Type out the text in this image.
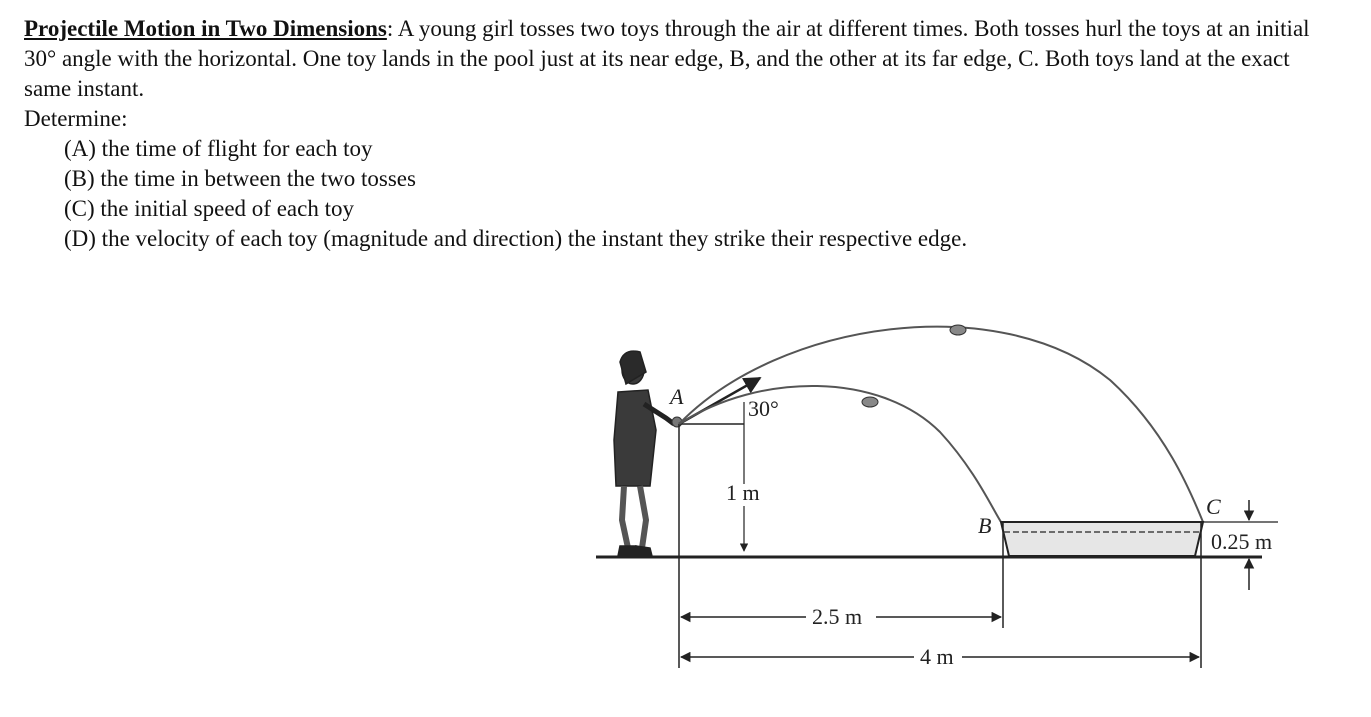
Projectile Motion in Two Dimensions: A young girl tosses two toys through the air at different times. Both tosses hurl the toys at an initial 30° angle with the horizontal. One toy lands in the pool just at its near edge, B, and the other at its far edge, C. Both toys land at the exact same instant.

Determine:

(A) the time of flight for each toy
(B) the time in between the two tosses
(C) the initial speed of each toy
(D) the velocity of each toy (magnitude and direction) the instant they strike their respective edge.
A	30°
1 m
B
C
0.25 m
2.5 m
4 m
